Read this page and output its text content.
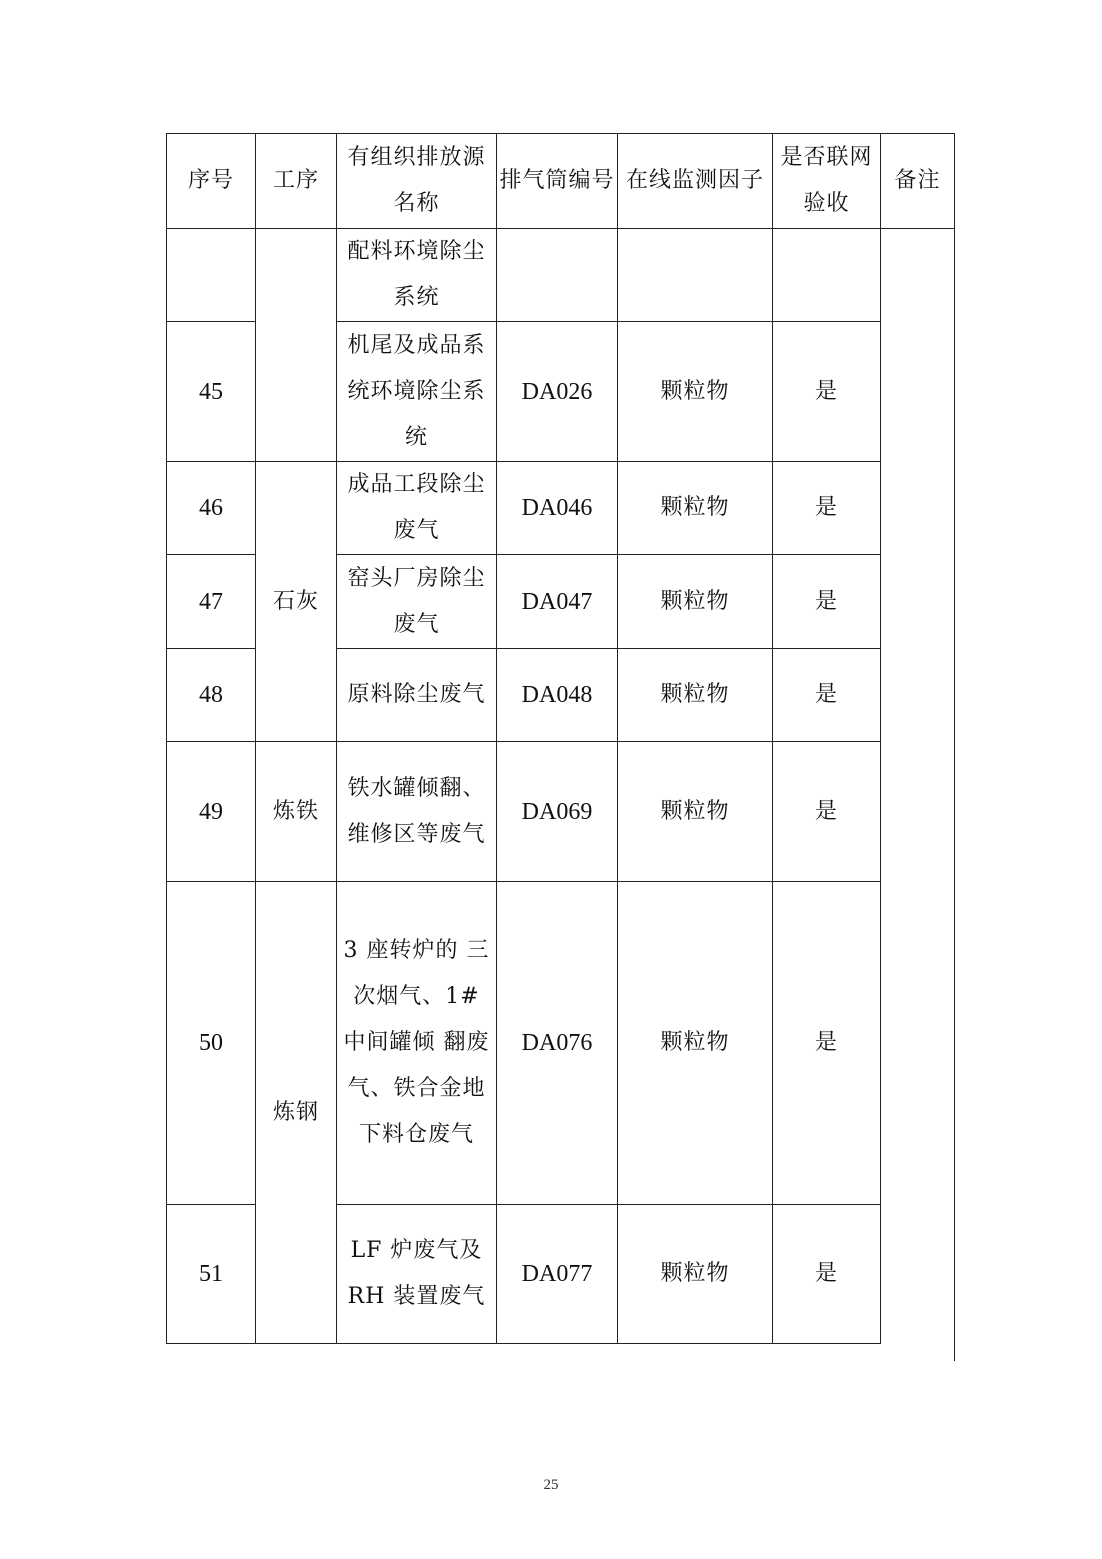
序号	工序	有组织排放源名称	排气筒编号	在线监测因子	是否联网验收	备注
		配料环境除尘系统				
45		机尾及成品系统环境除尘系统	DA026	颗粒物	是	
46	石灰	成品工段除尘废气	DA046	颗粒物	是	
47		窑头厂房除尘废气	DA047	颗粒物	是	
48		原料除尘废气	DA048	颗粒物	是	
49	炼铁	铁水罐倾翻、维修区等废气	DA069	颗粒物	是	
50	炼钢	3 座转炉的 三次烟气、1#中间罐倾 翻废气、铁合金地下料仓废气	DA076	颗粒物	是	
51		LF 炉废气及 RH 装置废气	DA077	颗粒物	是	
25
